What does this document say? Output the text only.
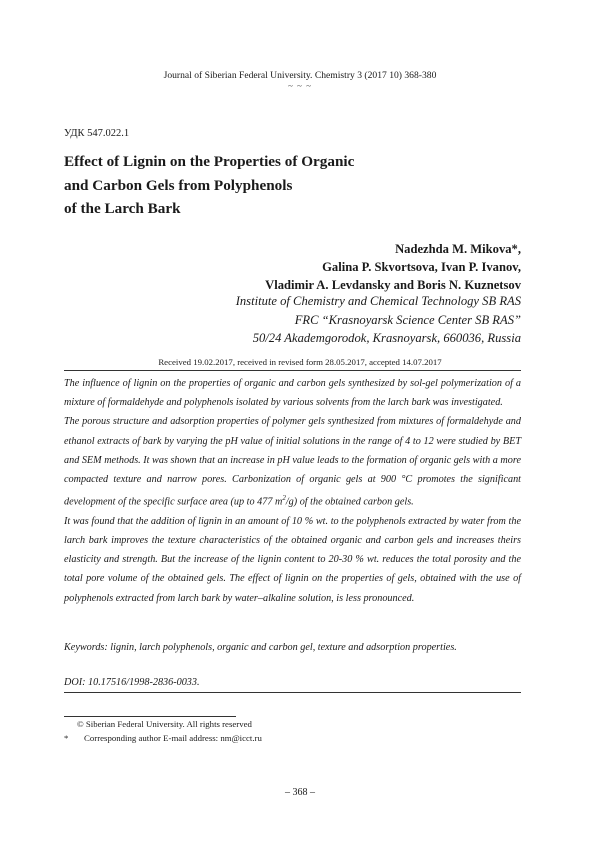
Journal of Siberian Federal University. Chemistry 3 (2017 10) 368-380
~ ~ ~
УДК 547.022.1
Effect of Lignin on the Properties of Organic
and Carbon Gels from Polyphenols
of the Larch Bark
Nadezhda M. Mikova*,
Galina P. Skvortsova, Ivan P. Ivanov,
Vladimir A. Levdansky and Boris N. Kuznetsov
Institute of Chemistry and Chemical Technology SB RAS
FRC “Krasnoyarsk Science Center SB RAS”
50/24 Akademgorodok, Krasnoyarsk, 660036, Russia
Received 19.02.2017, received in revised form 28.05.2017, accepted 14.07.2017

The influence of lignin on the properties of organic and carbon gels synthesized by sol-gel polymerization of a mixture of formaldehyde and polyphenols isolated by various solvents from the larch bark was investigated.

The porous structure and adsorption properties of polymer gels synthesized from mixtures of formaldehyde and ethanol extracts of bark by varying the pH value of initial solutions in the range of 4 to 12 were studied by BET and SEM methods. It was shown that an increase in pH value leads to the formation of organic gels with a more compacted texture and narrow pores. Carbonization of organic gels at 900 °C promotes the significant development of the specific surface area (up to 477 $m^2/g$) of the obtained carbon gels.

It was found that the addition of lignin in an amount of 10 % wt. to the polyphenols extracted by water from the larch bark improves the texture characteristics of the obtained organic and carbon gels and increases theirs elasticity and strength. But the increase of the lignin content to 20-30 % wt. reduces the total porosity and the total pore volume of the obtained gels. The effect of lignin on the properties of gels, obtained with the use of polyphenols extracted from larch bark by water–alkaline solution, is less pronounced.

Keywords: lignin, larch polyphenols, organic and carbon gel, texture and adsorption properties.
DOI: 10.17516/1998-2836-0033.
© Siberian Federal University. All rights reserved
* Corresponding author E-mail address: nm@icct.ru
– 368 –
